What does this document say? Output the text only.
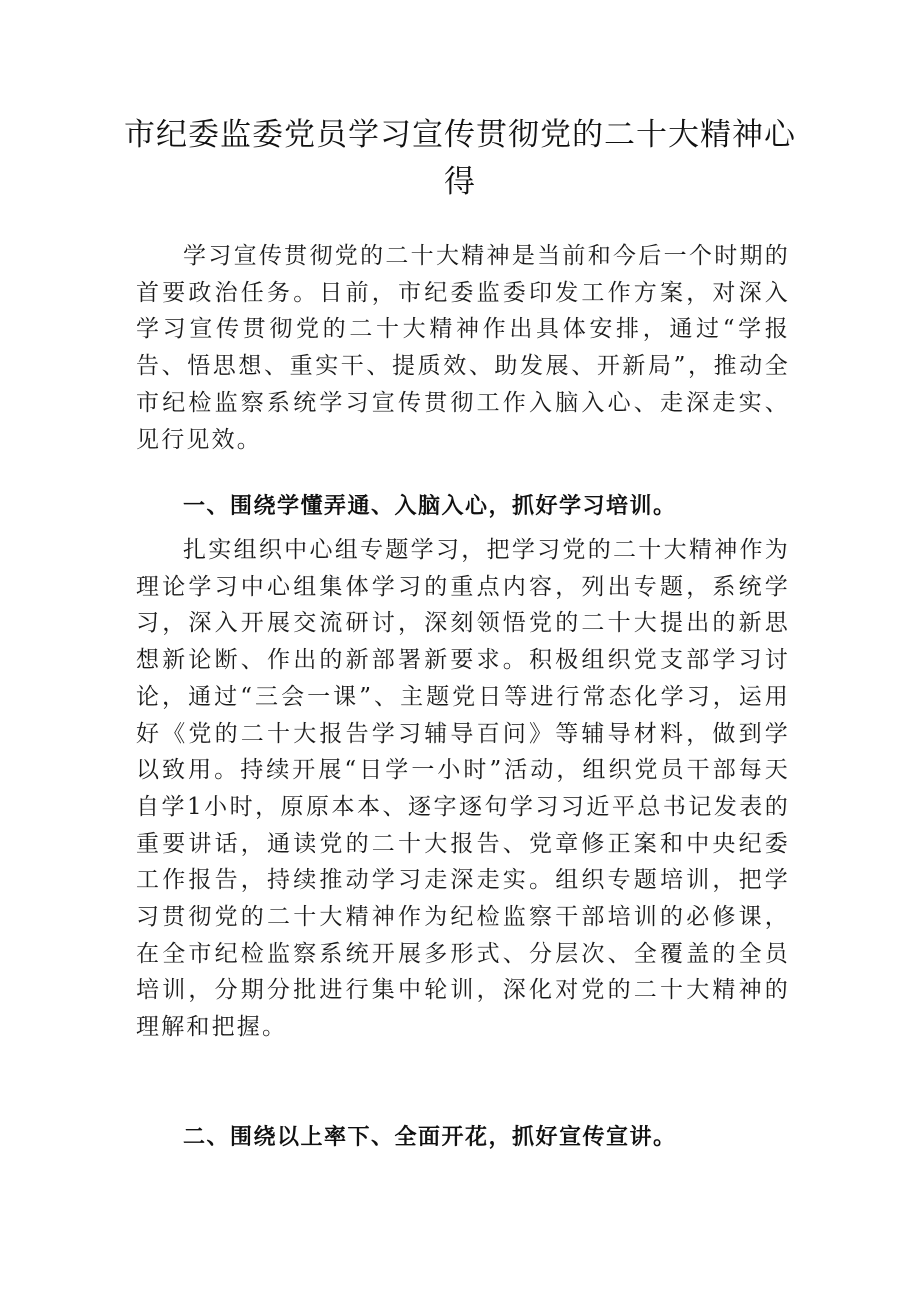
市纪委监委党员学习宣传贯彻党的二十大精神心得

学习宣传贯彻党的二十大精神是当前和今后一个时期的首要政治任务。日前，市纪委监委印发工作方案，对深入学习宣传贯彻党的二十大精神作出具体安排，通过“学报告、悟思想、重实干、提质效、助发展、开新局”，推动全市纪检监察系统学习宣传贯彻工作入脑入心、走深走实、见行见效。

一、围绕学懂弄通、入脑入心，抓好学习培训。

扎实组织中心组专题学习，把学习党的二十大精神作为理论学习中心组集体学习的重点内容，列出专题，系统学习，深入开展交流研讨，深刻领悟党的二十大提出的新思想新论断、作出的新部署新要求。积极组织党支部学习讨论，通过“三会一课”、主题党日等进行常态化学习，运用好《党的二十大报告学习辅导百问》等辅导材料，做到学以致用。持续开展“日学一小时”活动，组织党员干部每天自学1小时，原原本本、逐字逐句学习习近平总书记发表的重要讲话，通读党的二十大报告、党章修正案和中央纪委工作报告，持续推动学习走深走实。组织专题培训，把学习贯彻党的二十大精神作为纪检监察干部培训的必修课，在全市纪检监察系统开展多形式、分层次、全覆盖的全员培训，分期分批进行集中轮训，深化对党的二十大精神的理解和把握。

二、围绕以上率下、全面开花，抓好宣传宣讲。
